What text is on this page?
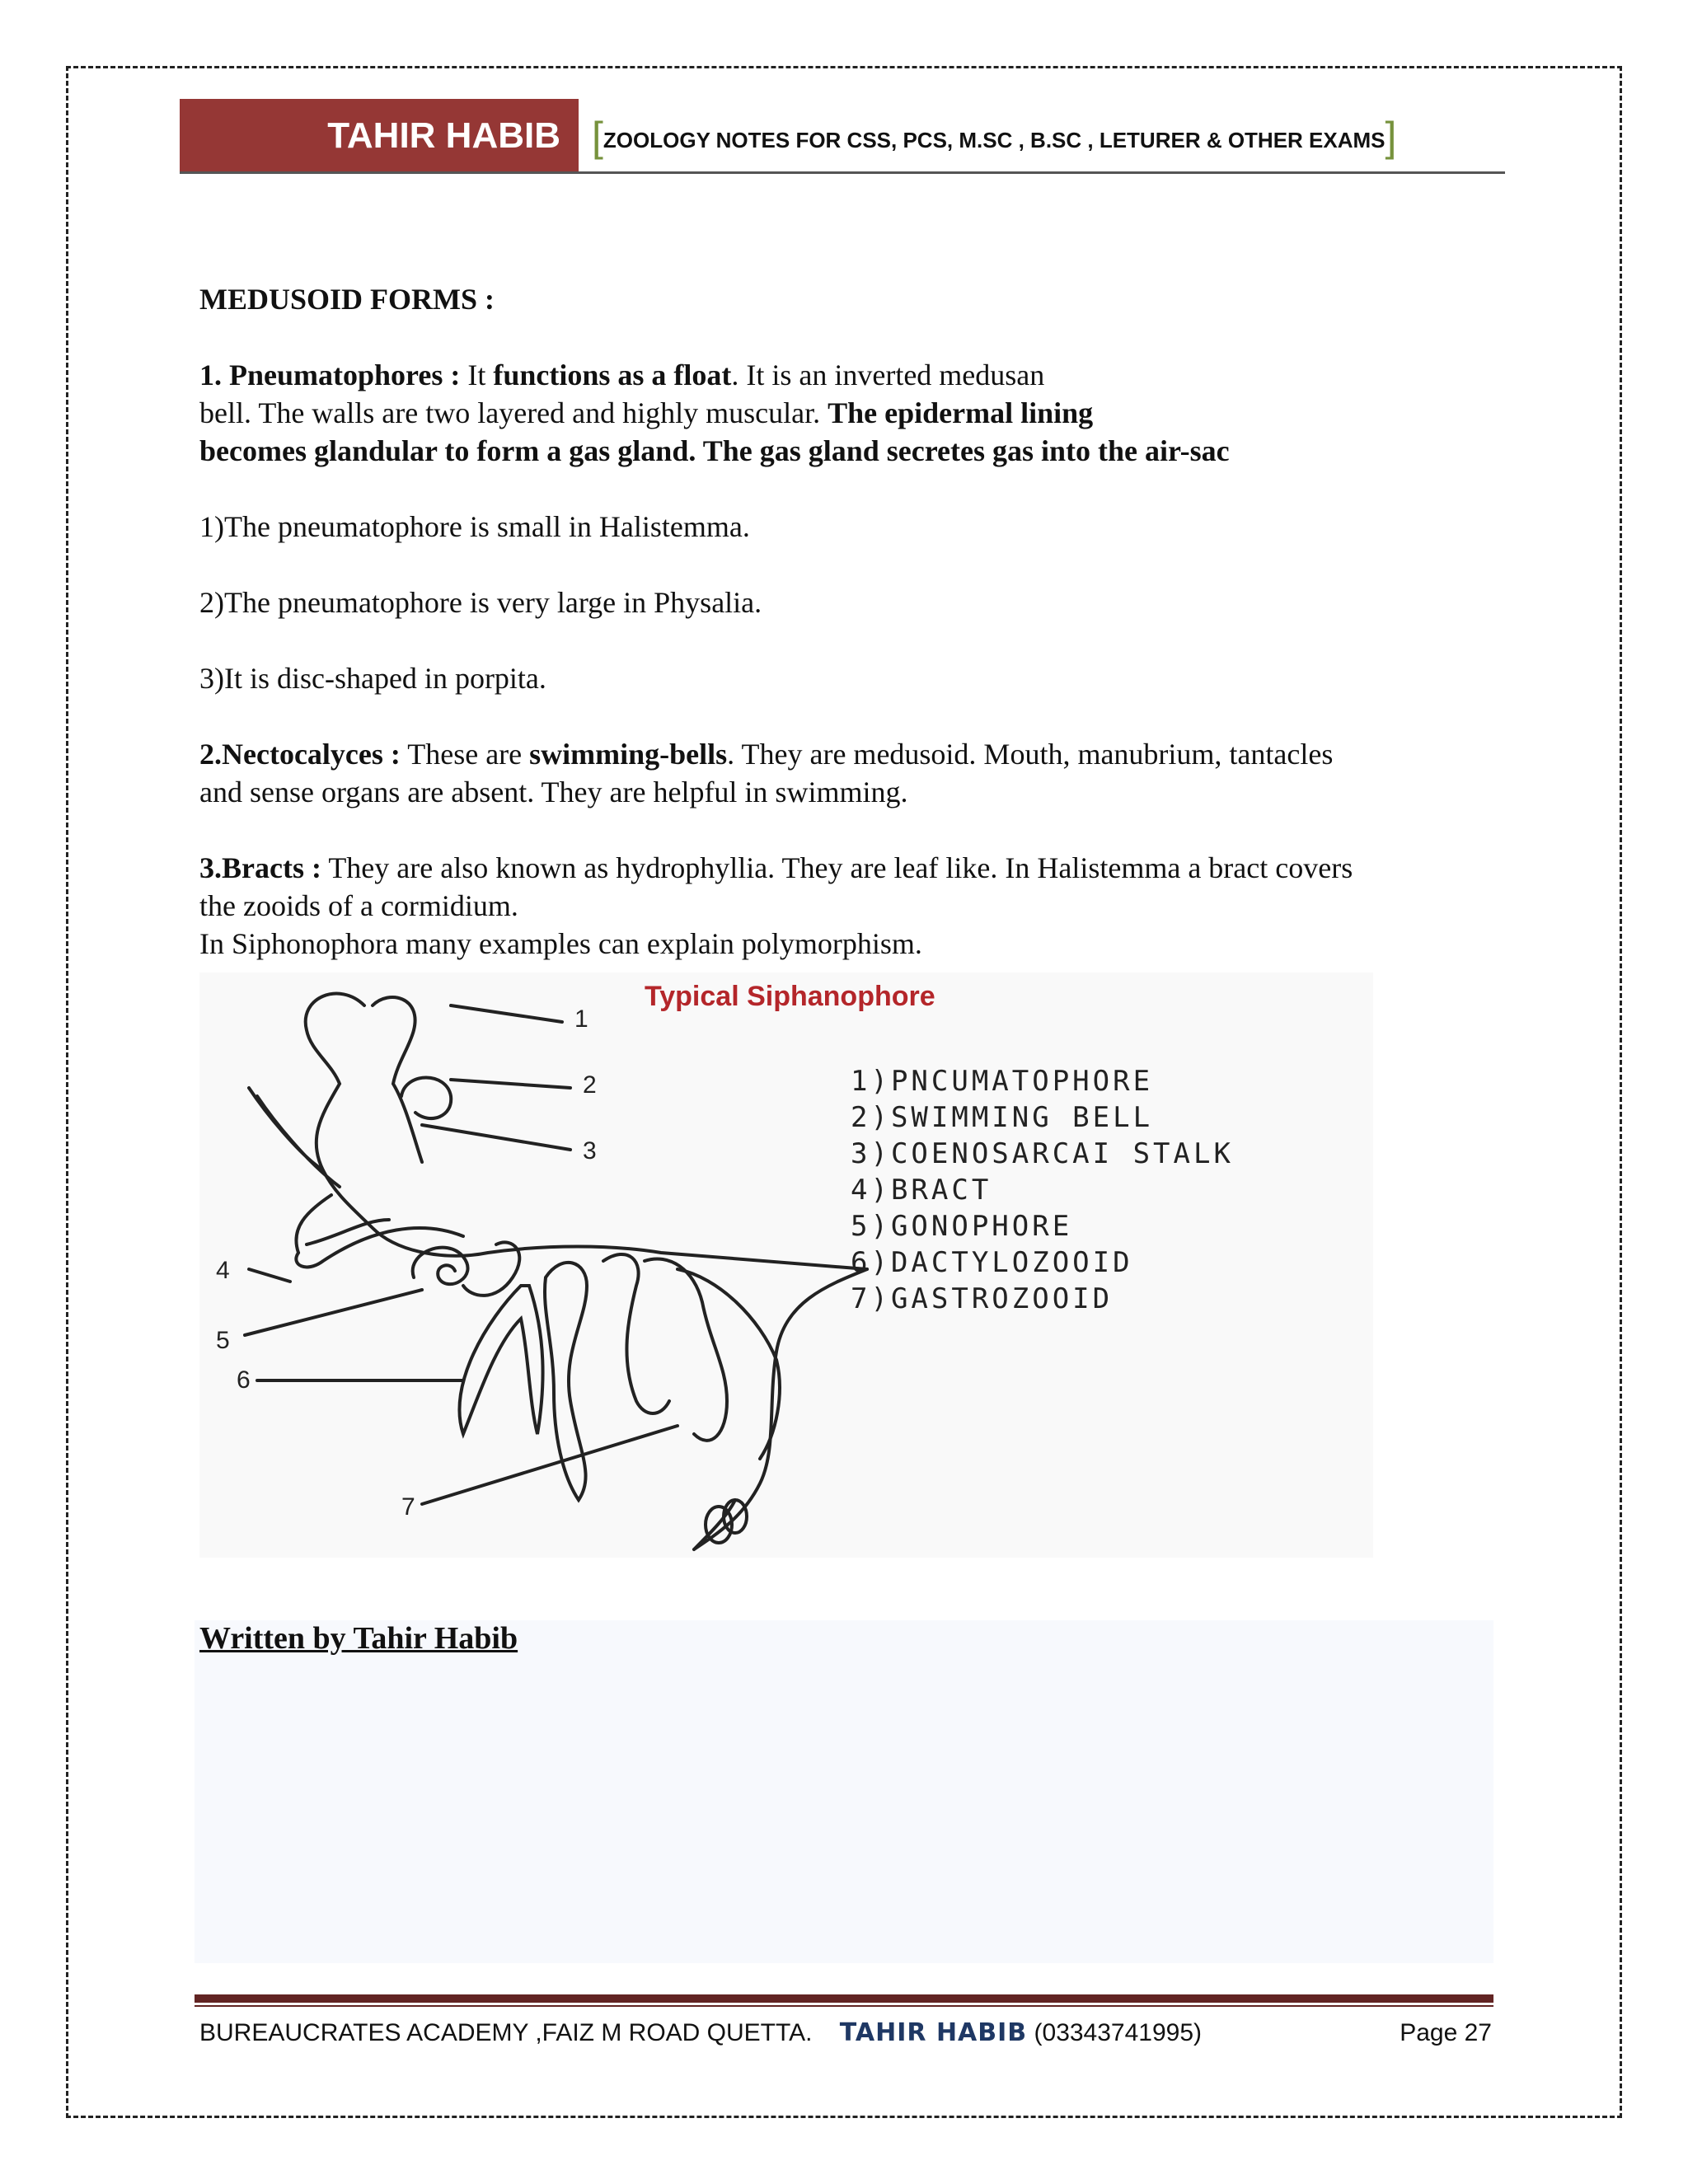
TAHIR HABIB [ZOOLOGY NOTES FOR CSS, PCS, M.SC , B.SC , LETURER & OTHER EXAMS]

MEDUSOID FORMS :

1. Pneumatophores : It functions as a float. It is an inverted medusan
bell. The walls are two layered and highly muscular. The epidermal lining
becomes glandular to form a gas gland. The gas gland secretes gas into the air-sac

1)The pneumatophore is small in Halistemma.

2)The pneumatophore is very large in Physalia.

3)It is disc-shaped in porpita.

2.Nectocalyces : These are swimming-bells. They are medusoid. Mouth, manubrium, tantacles
and sense organs are absent. They are helpful in swimming.

3.Bracts : They are also known as hydrophyllia. They are leaf like. In Halistemma a bract covers
the zooids of a cormidium.
In Siphonophora many examples can explain polymorphism.

1
2
3
4
5
6
7
Typical Siphanophore
1)PNCUMATOPHORE
2)SWIMMING BELL
3)COENOSARCAI STALK
4)BRACT
5)GONOPHORE
6)DACTYLOZOOID
7)GASTROZOOID
Written by Tahir Habib
BUREAUCRATES ACADEMY ,FAIZ M ROAD QUETTA. TAHIR HABIB (03343741995)	Page 27
